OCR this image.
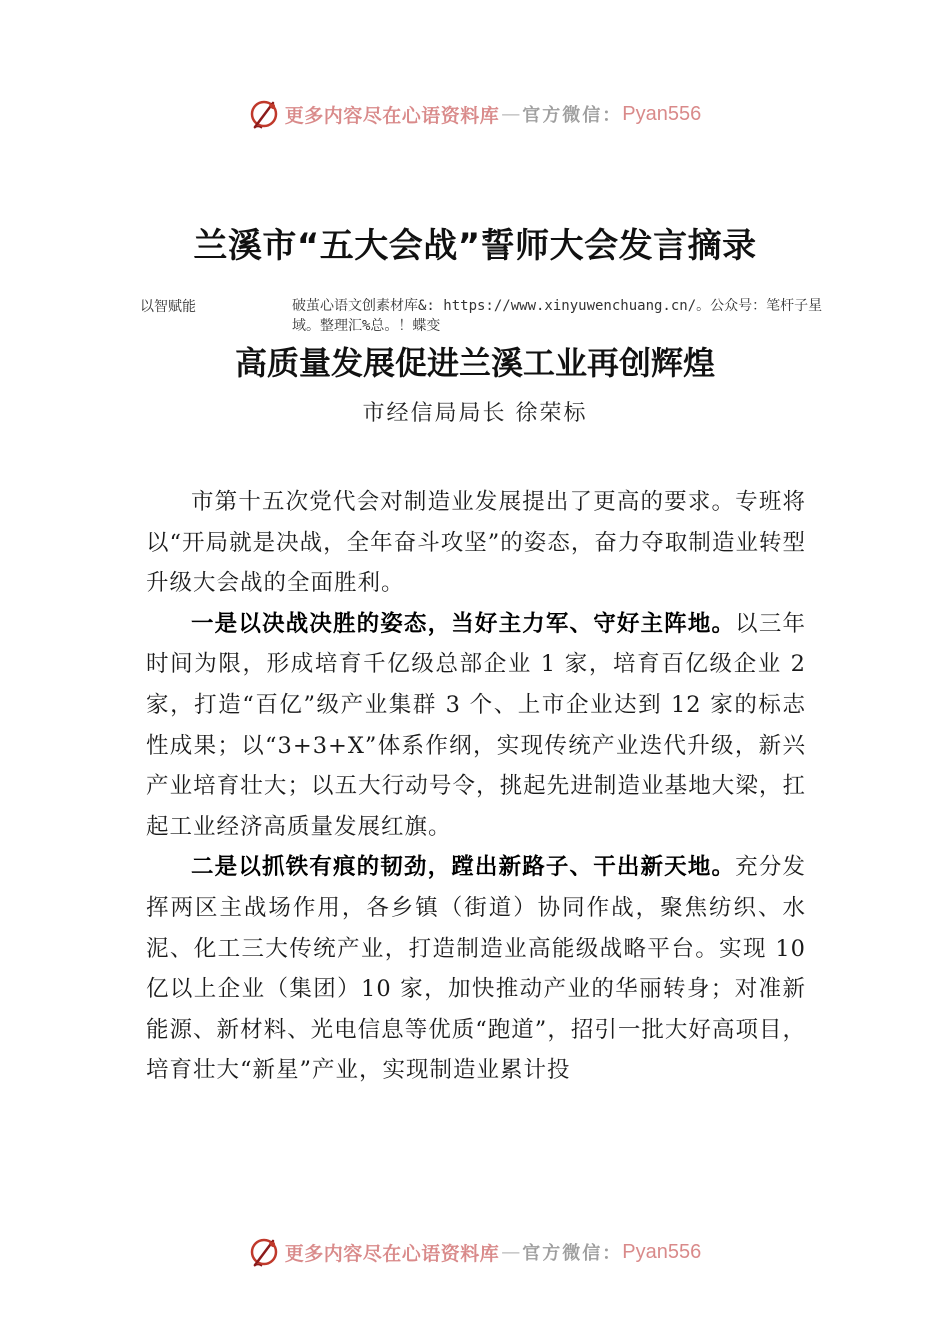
更多内容尽在心语资料库 — 官方微信： Pyan556
兰溪市“五大会战”誓师大会发言摘录
以智赋能	破茧心语文创素材库&: https://www.xinyuwenchuang.cn/。公众号：笔杆子星域。整理汇%总。！蝶变
高质量发展促进兰溪工业再创辉煌
市经信局局长 徐荣标

市第十五次党代会对制造业发展提出了更高的要求。专班将以“开局就是决战，全年奋斗攻坚”的姿态，奋力夺取制造业转型升级大会战的全面胜利。

一是以决战决胜的姿态，当好主力军、守好主阵地。以三年时间为限，形成培育千亿级总部企业 1 家，培育百亿级企业 2 家，打造“百亿”级产业集群 3 个、上市企业达到 12 家的标志性成果；以“3+3+X”体系作纲，实现传统产业迭代升级，新兴产业培育壮大；以五大行动号令，挑起先进制造业基地大梁，扛起工业经济高质量发展红旗。

二是以抓铁有痕的韧劲，蹚出新路子、干出新天地。充分发挥两区主战场作用，各乡镇（街道）协同作战，聚焦纺织、水泥、化工三大传统产业，打造制造业高能级战略平台。实现 10 亿以上企业（集团）10 家，加快推动产业的华丽转身；对准新能源、新材料、光电信息等优质“跑道”，招引一批大好高项目，培育壮大“新星”产业，实现制造业累计投

更多内容尽在心语资料库 — 官方微信： Pyan556
